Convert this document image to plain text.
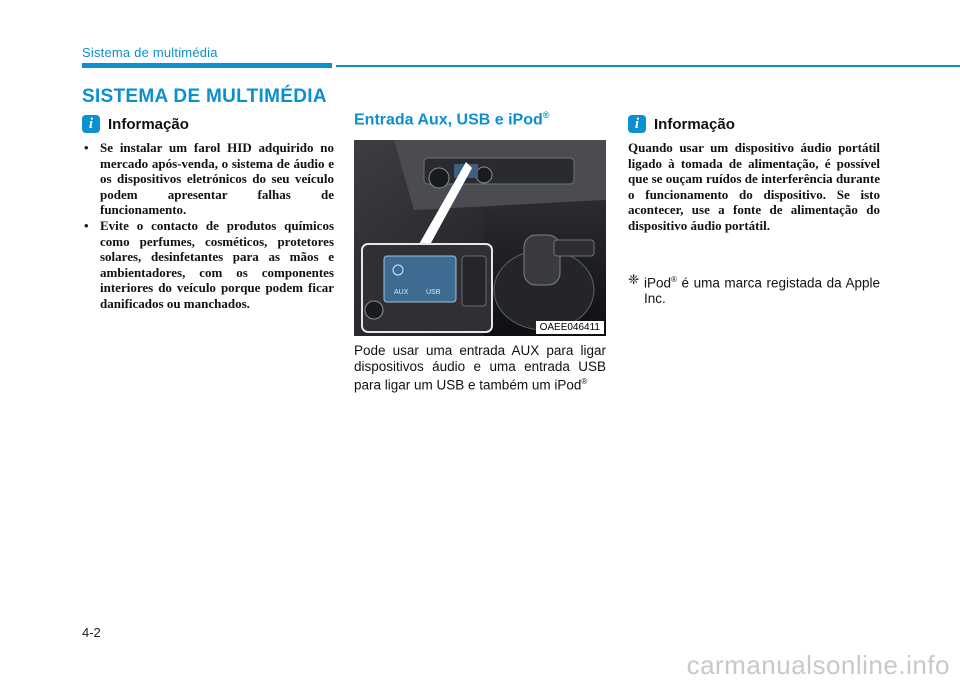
Sistema de multimédia
SISTEMA DE MULTIMÉDIA
i Informação
• Se instalar um farol HID adquirido no mercado após-venda, o sistema de áudio e os dispositivos eletrónicos do seu veículo podem apresentar falhas de funcionamento.
• Evite o contacto de produtos químicos como perfumes, cosméticos, protetores solares, desinfetantes para as mãos e ambientadores, com os componentes interiores do veículo porque podem ficar danificados ou manchados.
Entrada Aux, USB e iPod®
AUX	USB
OAEE046411

Pode usar uma entrada AUX para ligar dispositivos áudio e uma entrada USB para ligar um USB e também um iPod®

i Informação

Quando usar um dispositivo áudio portátil ligado à tomada de alimentação, é possível que se ouçam ruídos de interferência durante o funcionamento do dispositivo. Se isto acontecer, use a fonte de alimentação do dispositivo áudio portátil.

❈ iPod® é uma marca registada da Apple Inc.

4-2
carmanualsonline.info
